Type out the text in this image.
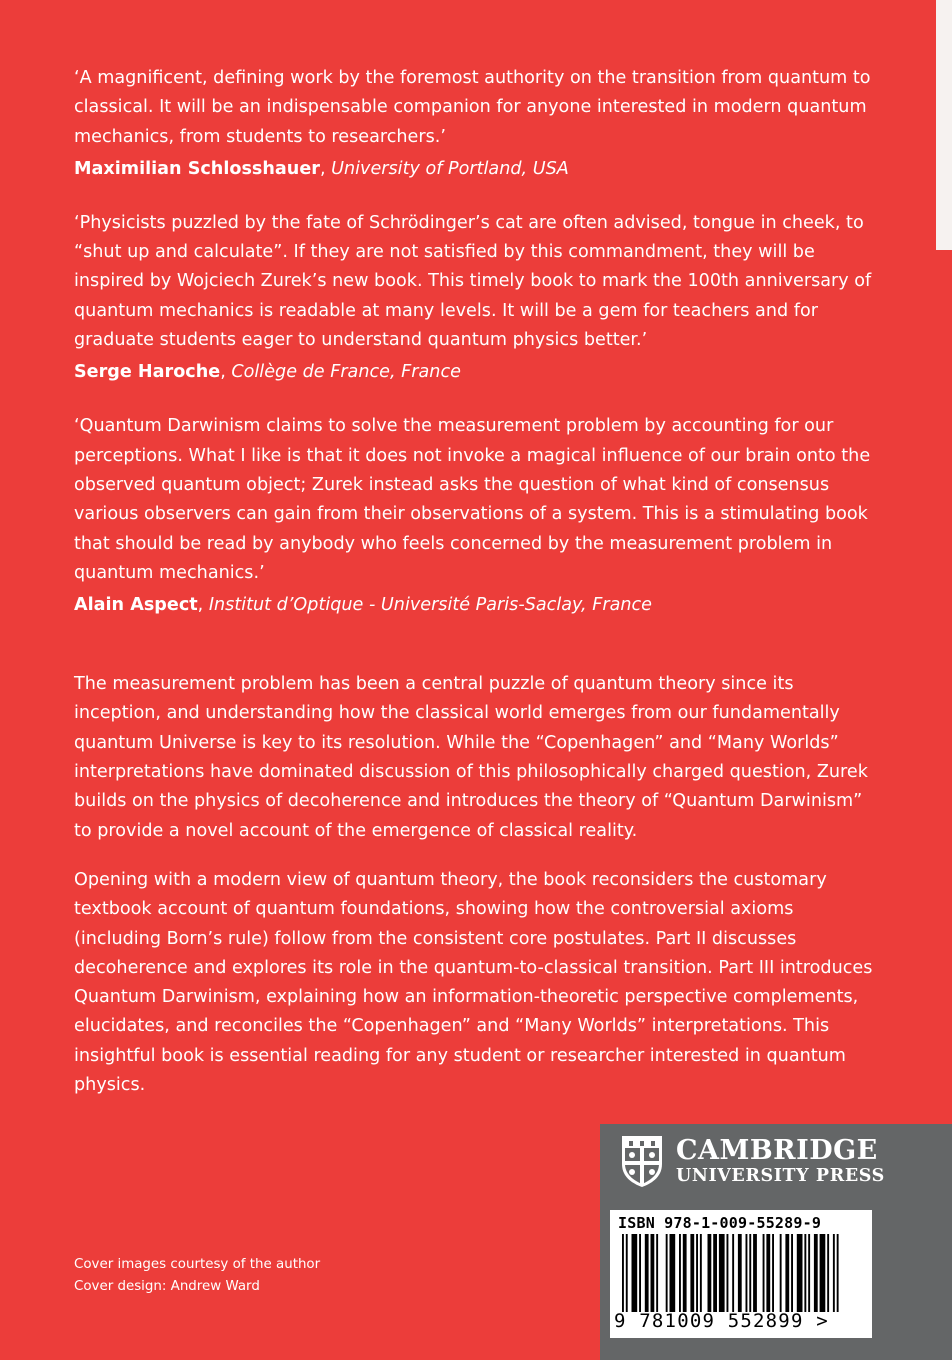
‘A magnificent, defining work by the foremost authority on the transition from quantum to classical. It will be an indispensable companion for anyone interested in modern quantum mechanics, from students to researchers.’

Maximilian Schlosshauer, University of Portland, USA

‘Physicists puzzled by the fate of Schrödinger’s cat are often advised, tongue in cheek, to “shut up and calculate”. If they are not satisfied by this commandment, they will be inspired by Wojciech Zurek’s new book. This timely book to mark the 100th anniversary of quantum mechanics is readable at many levels. It will be a gem for teachers and for graduate students eager to understand quantum physics better.’

Serge Haroche, Collège de France, France

‘Quantum Darwinism claims to solve the measurement problem by accounting for our perceptions. What I like is that it does not invoke a magical influence of our brain onto the observed quantum object; Zurek instead asks the question of what kind of consensus various observers can gain from their observations of a system. This is a stimulating book that should be read by anybody who feels concerned by the measurement problem in quantum mechanics.’

Alain Aspect, Institut d’Optique - Université Paris-Saclay, France

The measurement problem has been a central puzzle of quantum theory since its inception, and understanding how the classical world emerges from our fundamentally quantum Universe is key to its resolution. While the “Copenhagen” and “Many Worlds” interpretations have dominated discussion of this philosophically charged question, Zurek builds on the physics of decoherence and introduces the theory of “Quantum Darwinism” to provide a novel account of the emergence of classical reality.

Opening with a modern view of quantum theory, the book reconsiders the customary textbook account of quantum foundations, showing how the controversial axioms (including Born’s rule) follow from the consistent core postulates. Part II discusses decoherence and explores its role in the quantum-to-classical transition. Part III introduces Quantum Darwinism, explaining how an information-theoretic perspective complements, elucidates, and reconciles the “Copenhagen” and “Many Worlds” interpretations. This insightful book is essential reading for any student or researcher interested in quantum physics.

Cover images courtesy of the author
Cover design: Andrew Ward
CAMBRIDGE
UNIVERSITY PRESS
ISBN 978-1-009-55289-9
9 781009 552899 >
